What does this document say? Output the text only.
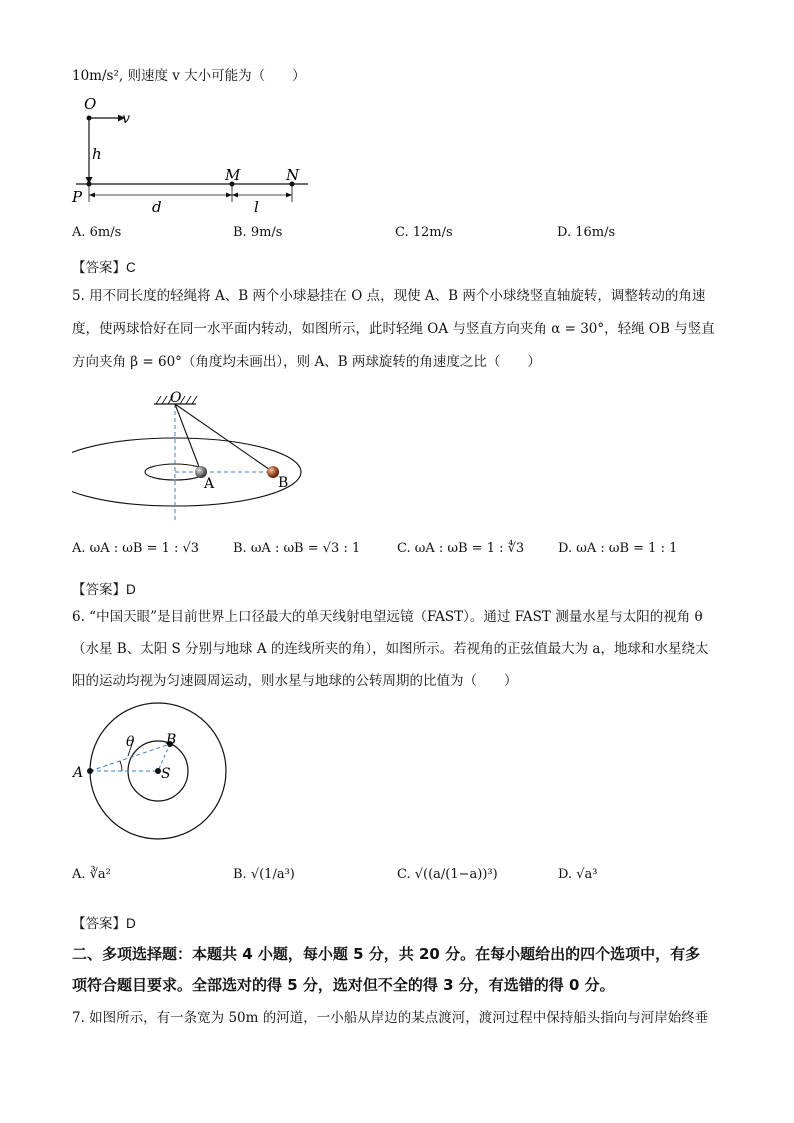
10m/s², 则速度 v 大小可能为（　　）
O
v
h
P
M	N
d	l
A. 6m/s	B. 9m/s	C. 12m/s	D. 16m/s
【答案】C
5. 用不同长度的轻绳将 A、B 两个小球悬挂在 O 点，现使 A、B 两个小球绕竖直轴旋转，调整转动的角速
度，使两球恰好在同一水平面内转动，如图所示，此时轻绳 OA 与竖直方向夹角 α = 30°，轻绳 OB 与竖直
方向夹角 β = 60°（角度均未画出），则 A、B 两球旋转的角速度之比（　　）
O
A	B
A. ωA : ωB = 1 : √3	B. ωA : ωB = √3 : 1	C. ωA : ωB = 1 : ∜3	D. ωA : ωB = 1 : 1
【答案】D
6. “中国天眼”是目前世界上口径最大的单天线射电望远镜（FAST）。通过 FAST 测量水星与太阳的视角 θ
（水星 B、太阳 S 分别与地球 A 的连线所夹的角），如图所示。若视角的正弦值最大为 a，地球和水星绕太
阳的运动均视为匀速圆周运动，则水星与地球的公转周期的比值为（　　）
θ
A
B
S
A. ∛a²	B. √(1/a³)	C. √((a/(1−a))³)	D. √a³
【答案】D
二、多项选择题：本题共 4 小题，每小题 5 分，共 20 分。在每小题给出的四个选项中，有多
项符合题目要求。全部选对的得 5 分，选对但不全的得 3 分，有选错的得 0 分。
7. 如图所示，有一条宽为 50m 的河道，一小船从岸边的某点渡河，渡河过程中保持船头指向与河岸始终垂
